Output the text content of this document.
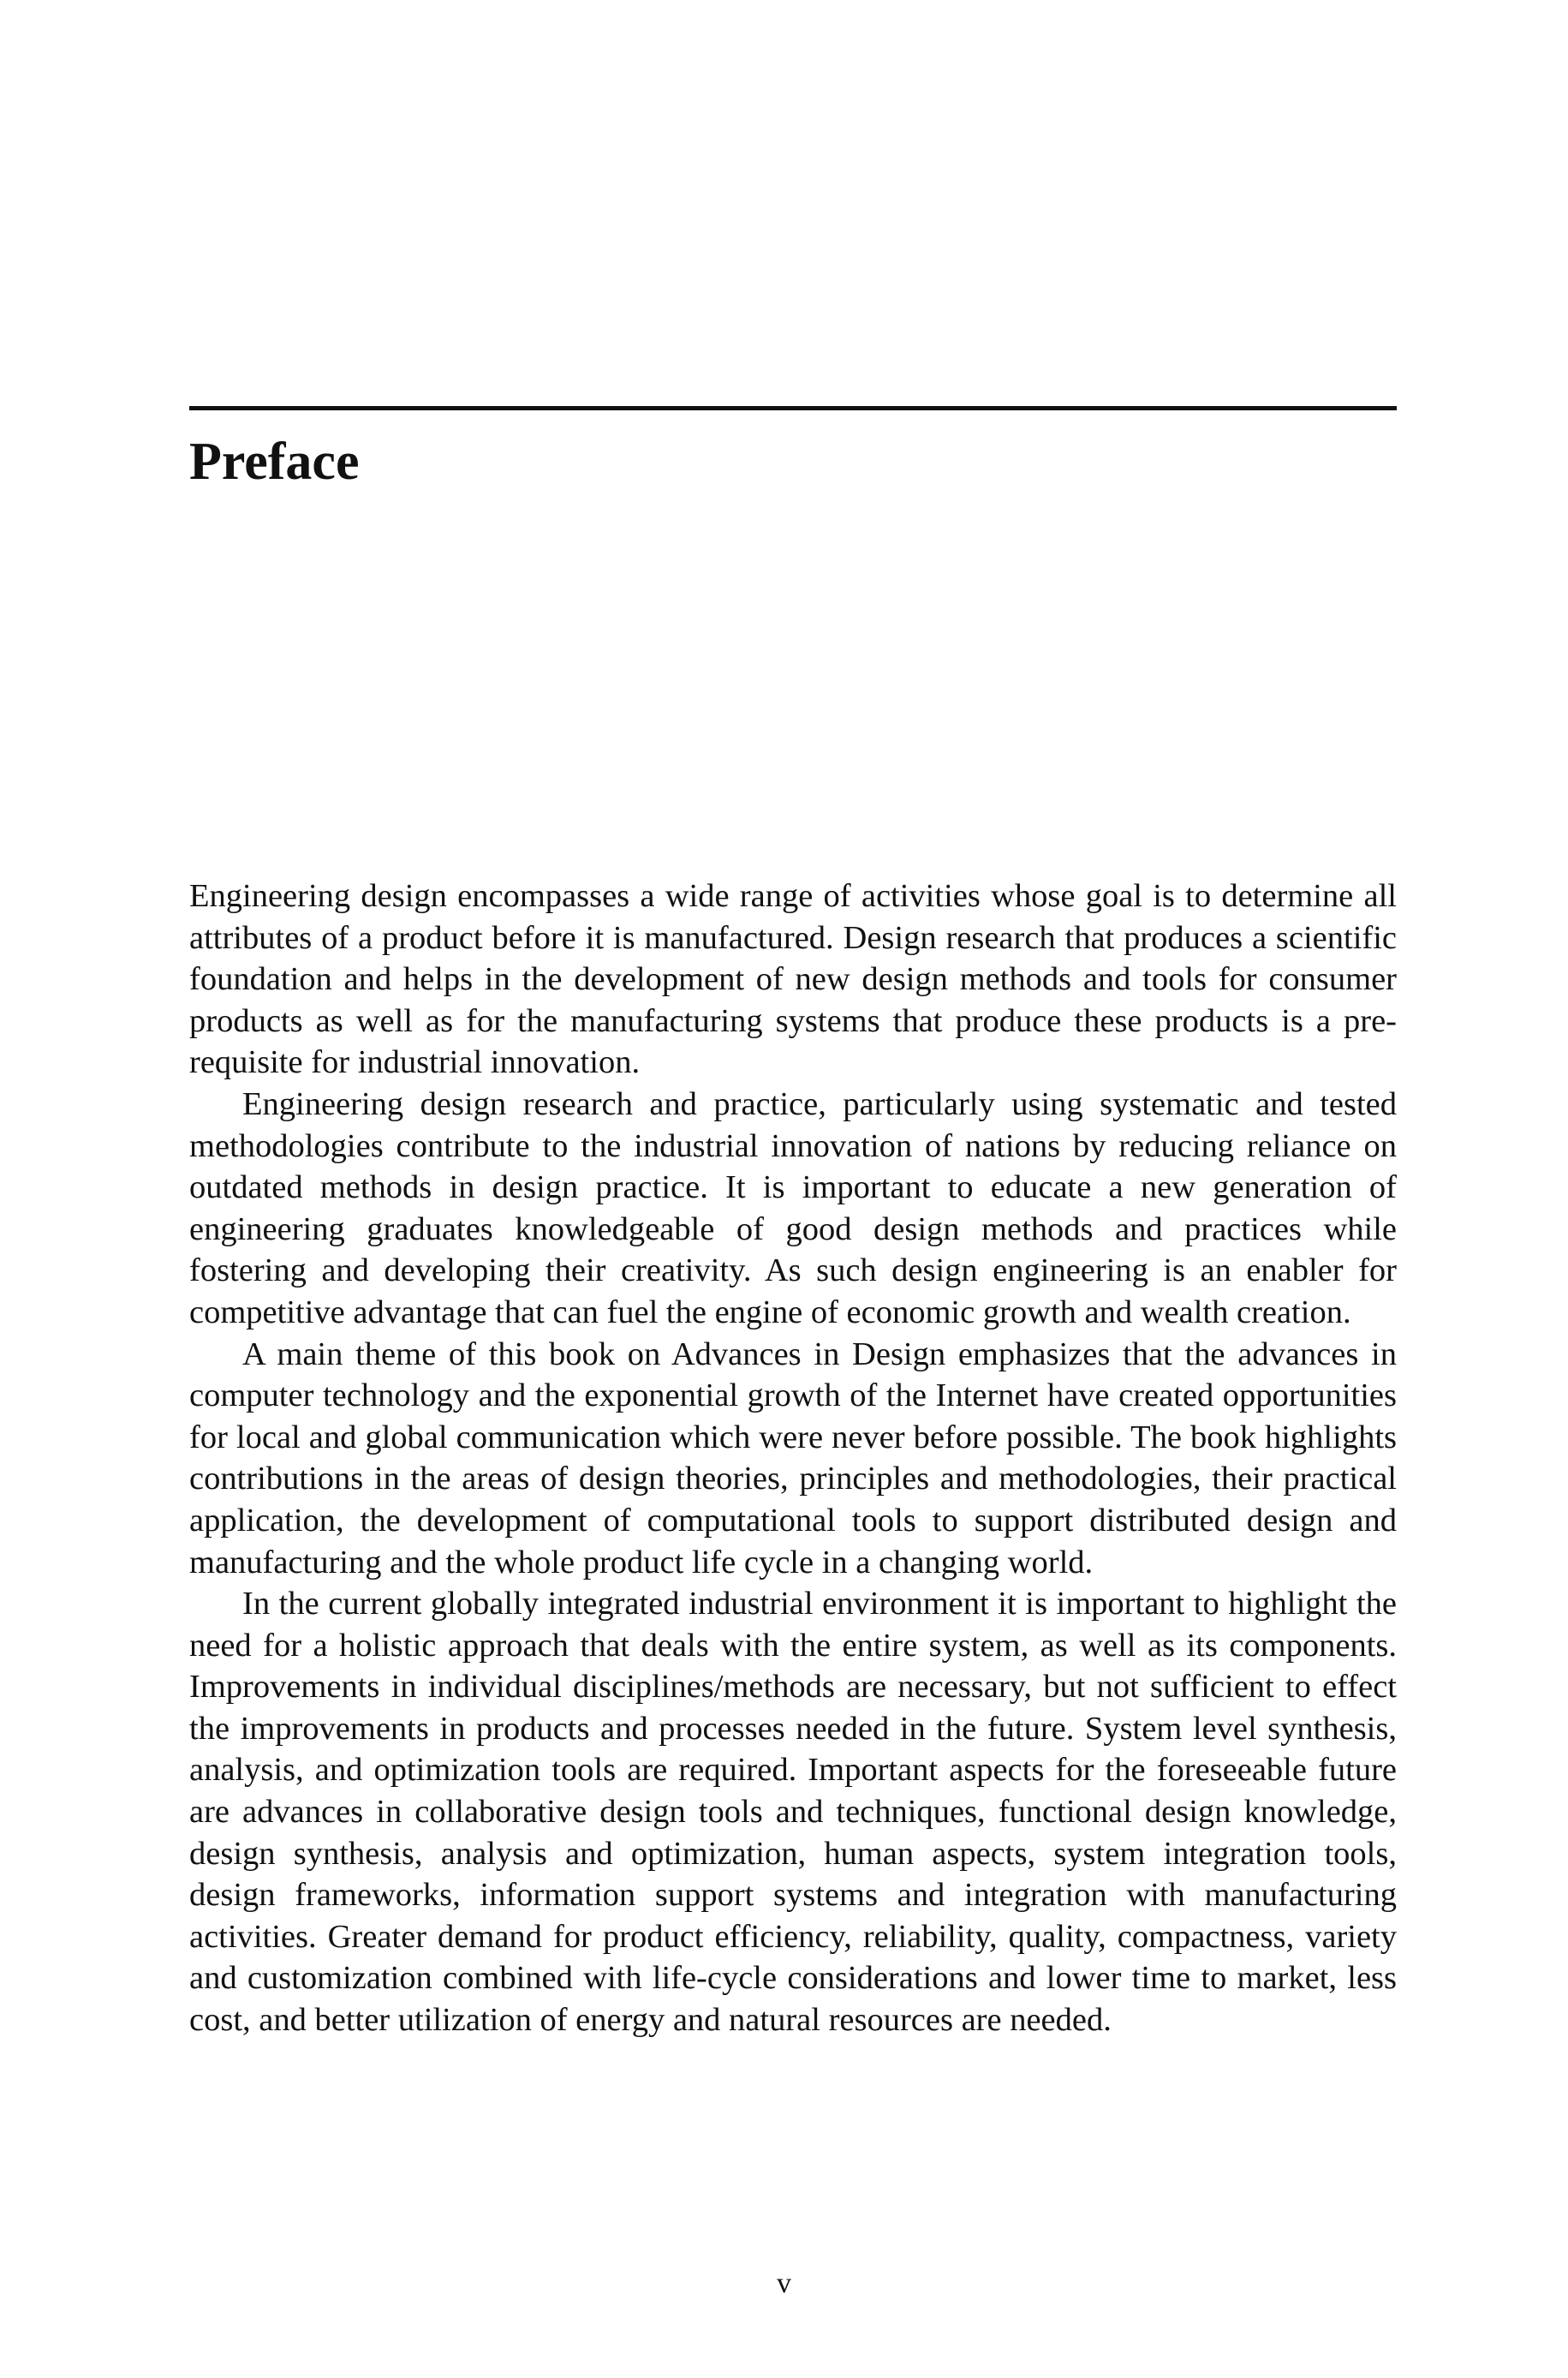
Preface

Engineering design encompasses a wide range of activities whose goal is to determine all attributes of a product before it is manufactured. Design research that produces a scientific foundation and helps in the development of new design methods and tools for consumer products as well as for the manufacturing systems that produce these products is a pre-requisite for industrial innovation.

Engineering design research and practice, particularly using systematic and tested methodologies contribute to the industrial innovation of nations by reducing reliance on outdated methods in design practice. It is important to educate a new generation of engineering graduates knowledgeable of good design methods and practices while fostering and developing their creativity. As such design engineering is an enabler for competitive advantage that can fuel the engine of economic growth and wealth creation.

A main theme of this book on Advances in Design emphasizes that the advances in computer technology and the exponential growth of the Internet have created opportunities for local and global communication which were never before possible. The book highlights contributions in the areas of design theories, principles and methodologies, their practical application, the development of computational tools to support distributed design and manufacturing and the whole product life cycle in a changing world.

In the current globally integrated industrial environment it is important to highlight the need for a holistic approach that deals with the entire system, as well as its components. Improvements in individual disciplines/methods are necessary, but not sufficient to effect the improvements in products and processes needed in the future. System level synthesis, analysis, and optimization tools are required. Important aspects for the foreseeable future are advances in collaborative design tools and techniques, functional design knowledge, design synthesis, analysis and optimization, human aspects, system integration tools, design frameworks, information support systems and integration with manufacturing activities. Greater demand for product efficiency, reliability, quality, compactness, variety and customization combined with life-cycle considerations and lower time to market, less cost, and better utilization of energy and natural resources are needed.

v
